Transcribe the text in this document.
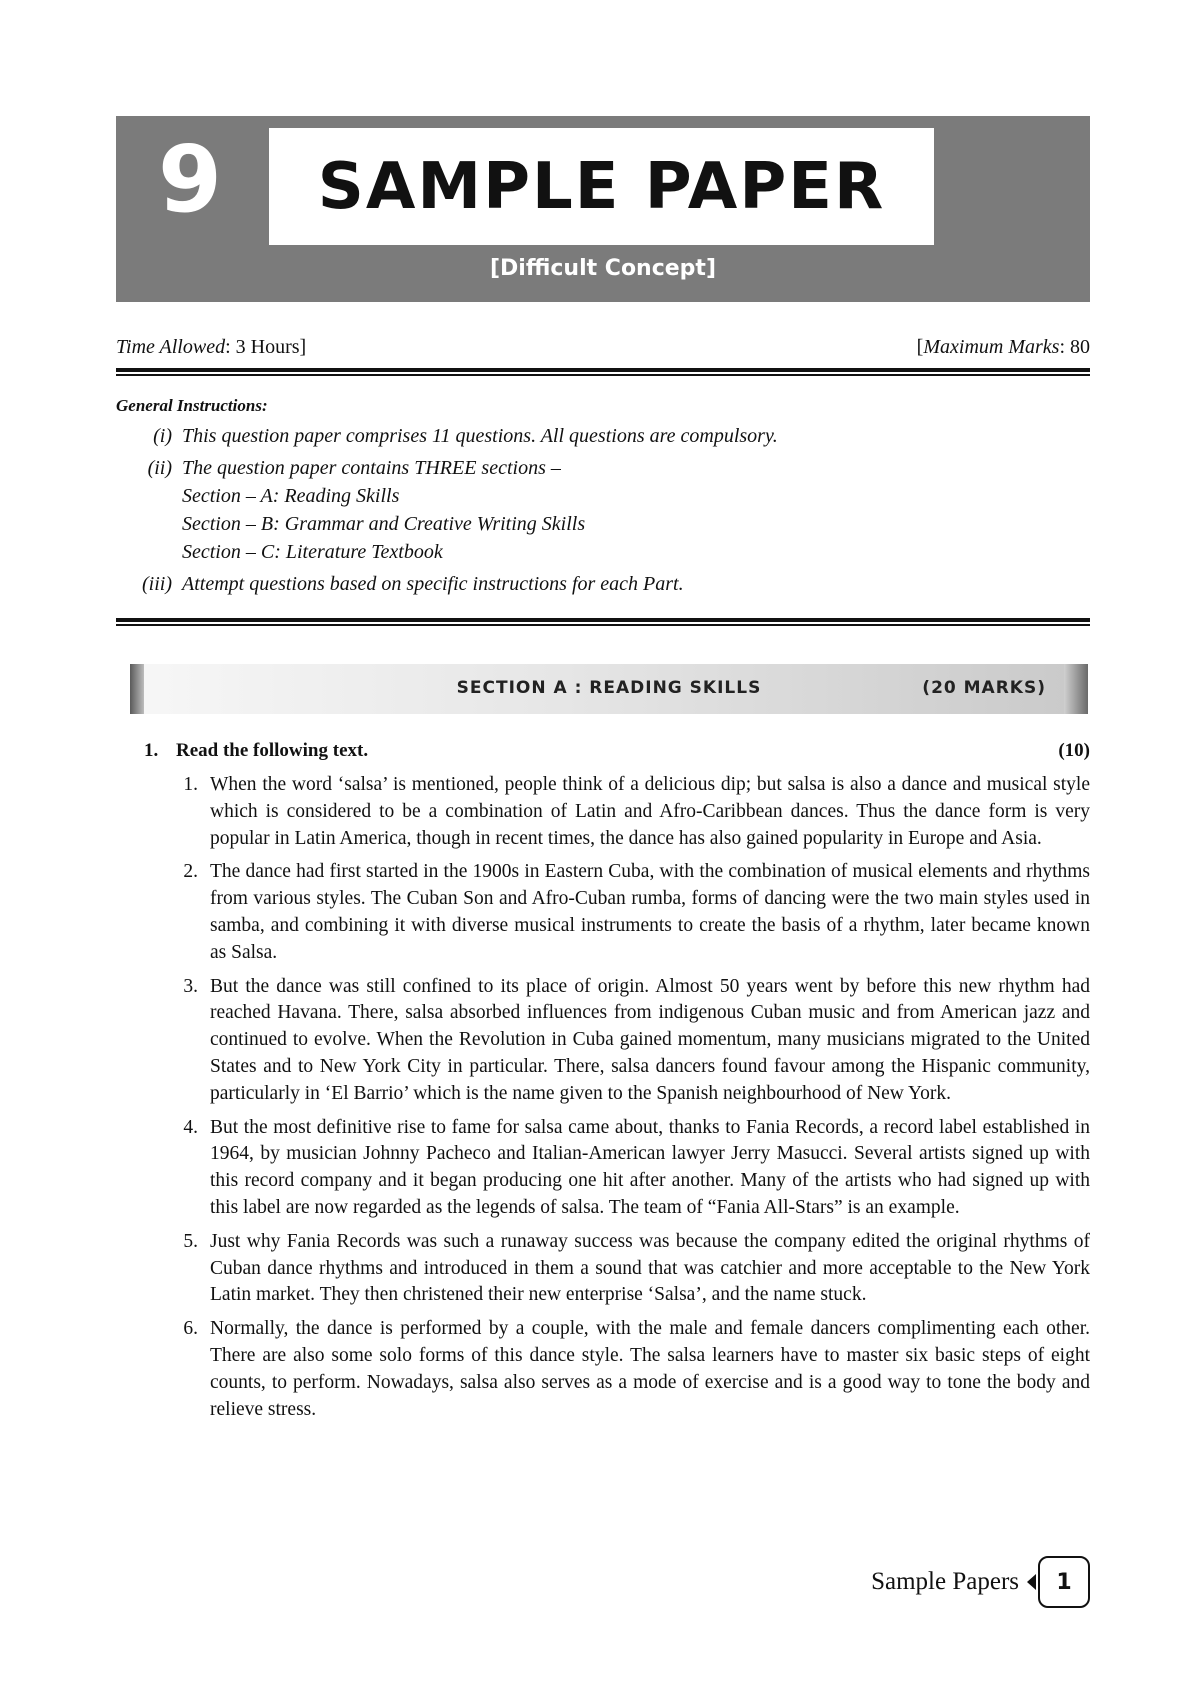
9 SAMPLE PAPER
[Difficult Concept]
Time Allowed: 3 Hours]	[Maximum Marks: 80
General Instructions:
(i) This question paper comprises 11 questions. All questions are compulsory.
(ii) The question paper contains THREE sections –
Section – A: Reading Skills
Section – B: Grammar and Creative Writing Skills
Section – C: Literature Textbook
(iii) Attempt questions based on specific instructions for each Part.
SECTION A : READING SKILLS	(20 MARKS)
1. Read the following text.	(10)
1. When the word ‘salsa’ is mentioned, people think of a delicious dip; but salsa is also a dance and musical style which is considered to be a combination of Latin and Afro-Caribbean dances. Thus the dance form is very popular in Latin America, though in recent times, the dance has also gained popularity in Europe and Asia.
2. The dance had first started in the 1900s in Eastern Cuba, with the combination of musical elements and rhythms from various styles. The Cuban Son and Afro-Cuban rumba, forms of dancing were the two main styles used in samba, and combining it with diverse musical instruments to create the basis of a rhythm, later became known as Salsa.
3. But the dance was still confined to its place of origin. Almost 50 years went by before this new rhythm had reached Havana. There, salsa absorbed influences from indigenous Cuban music and from American jazz and continued to evolve. When the Revolution in Cuba gained momentum, many musicians migrated to the United States and to New York City in particular. There, salsa dancers found favour among the Hispanic community, particularly in ‘El Barrio’ which is the name given to the Spanish neighbourhood of New York.
4. But the most definitive rise to fame for salsa came about, thanks to Fania Records, a record label established in 1964, by musician Johnny Pacheco and Italian-American lawyer Jerry Masucci. Several artists signed up with this record company and it began producing one hit after another. Many of the artists who had signed up with this label are now regarded as the legends of salsa. The team of “Fania All-Stars” is an example.
5. Just why Fania Records was such a runaway success was because the company edited the original rhythms of Cuban dance rhythms and introduced in them a sound that was catchier and more acceptable to the New York Latin market. They then christened their new enterprise ‘Salsa’, and the name stuck.
6. Normally, the dance is performed by a couple, with the male and female dancers complimenting each other. There are also some solo forms of this dance style. The salsa learners have to master six basic steps of eight counts, to perform. Nowadays, salsa also serves as a mode of exercise and is a good way to tone the body and relieve stress.
Sample Papers	1
